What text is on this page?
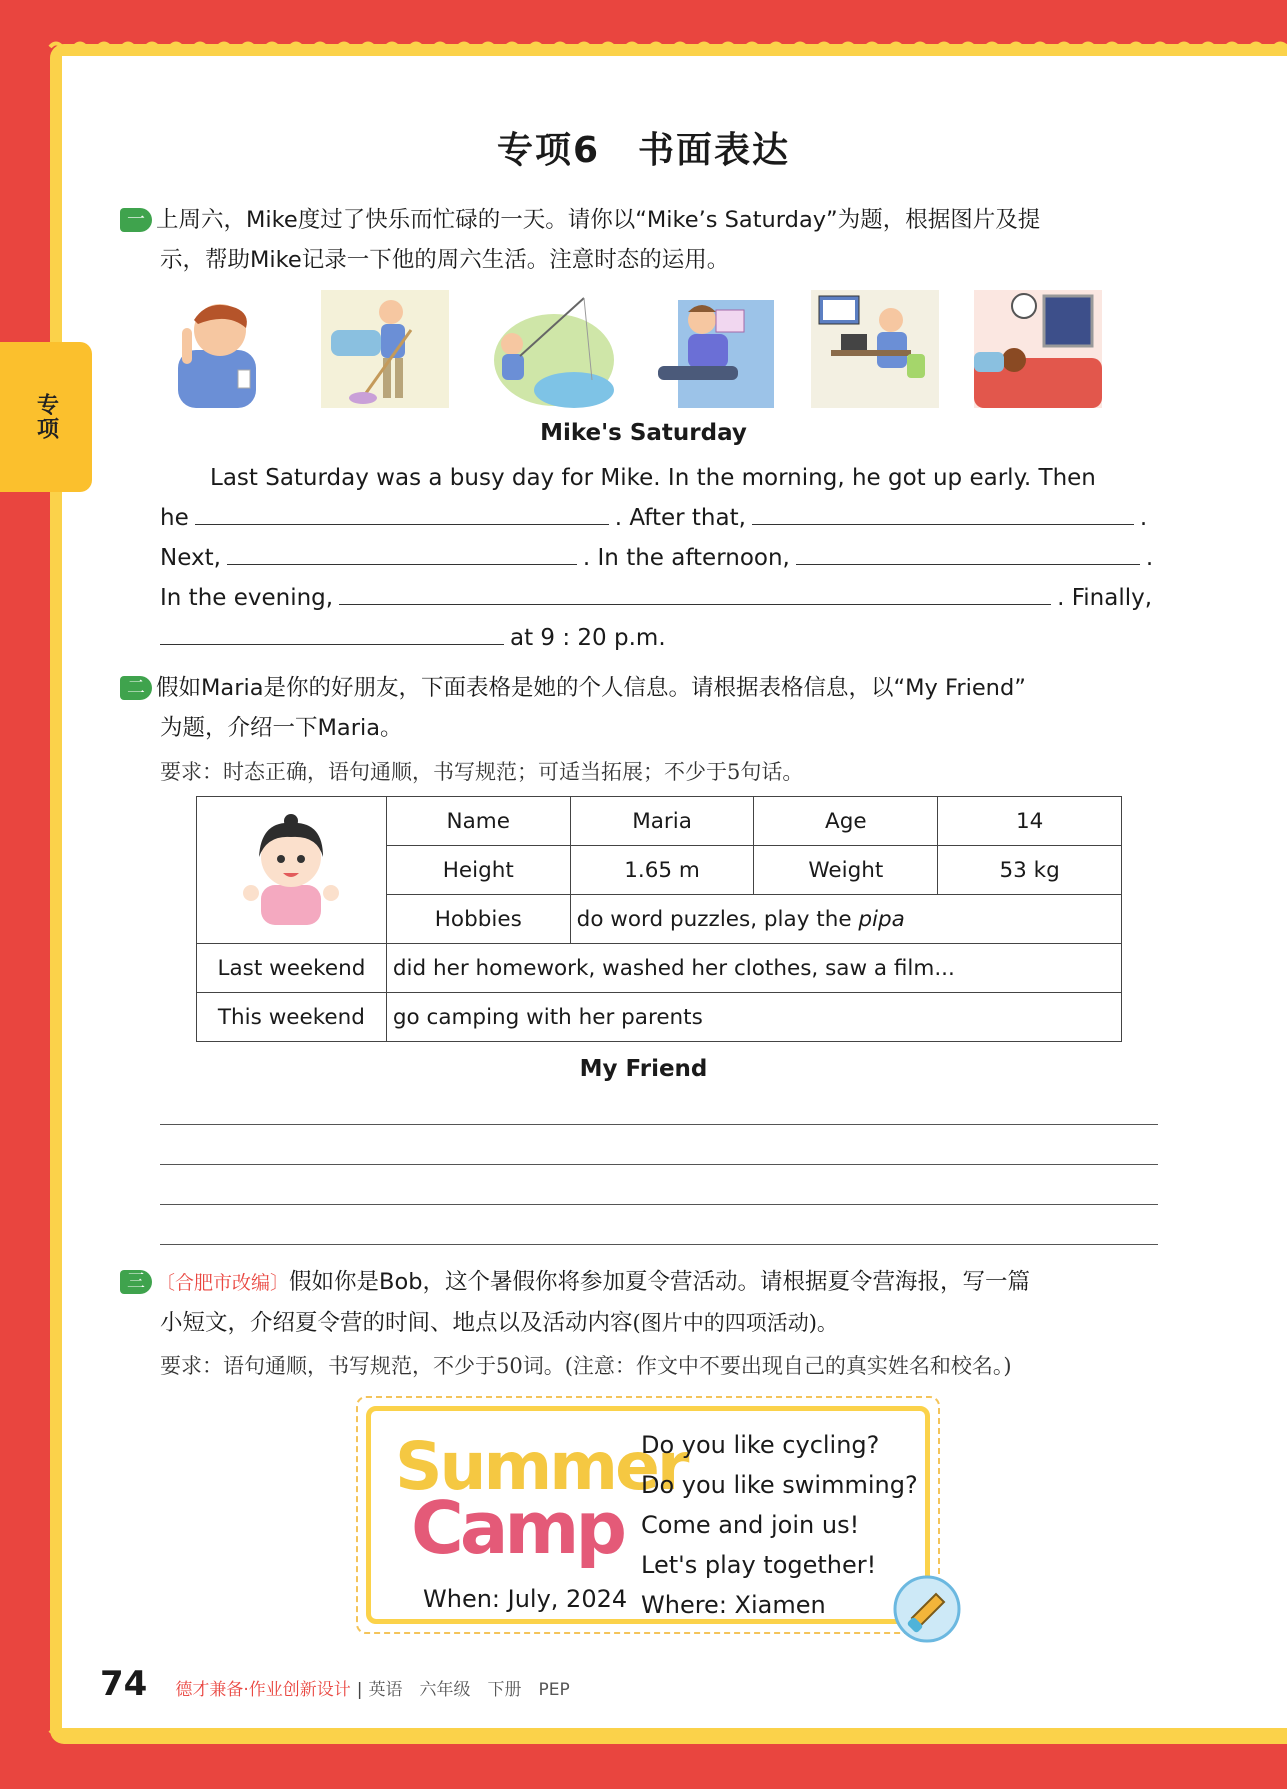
专项
专项6　书面表达
一 上周六，Mike度过了快乐而忙碌的一天。请你以“Mike’s Saturday”为题，根据图片及提
示，帮助Mike记录一下他的周六生活。注意时态的运用。
Mike's Saturday
Last Saturday was a busy day for Mike. In the morning, he got up early. Then
he	. After that,	.
Next,	. In the afternoon,	.
In the evening,	. Finally,
at 9 : 20 p.m.
二 假如Maria是你的好朋友，下面表格是她的个人信息。请根据表格信息，以“My Friend”
为题，介绍一下Maria。
要求：时态正确，语句通顺，书写规范；可适当拓展；不少于5句话。
	Name	Maria	Age	14
	Height	1.65 m	Weight	53 kg
	Hobbies	do word puzzles, play the pipa		
Last weekend	did her homework, washed her clothes, saw a film...			
This weekend	go camping with her parents			
My Friend
三 〔合肥市改编〕假如你是Bob，这个暑假你将参加夏令营活动。请根据夏令营海报，写一篇
小短文，介绍夏令营的时间、地点以及活动内容(图片中的四项活动)。
要求：语句通顺，书写规范，不少于50词。(注意：作文中不要出现自己的真实姓名和校名。)
Summer
Camp
Do you like cycling?
Do you like swimming?
Come and join us!
Let's play together!
Where: Xiamen
When: July, 2024
74 德才兼备·作业创新设计 | 英语　六年级　下册　PEP
